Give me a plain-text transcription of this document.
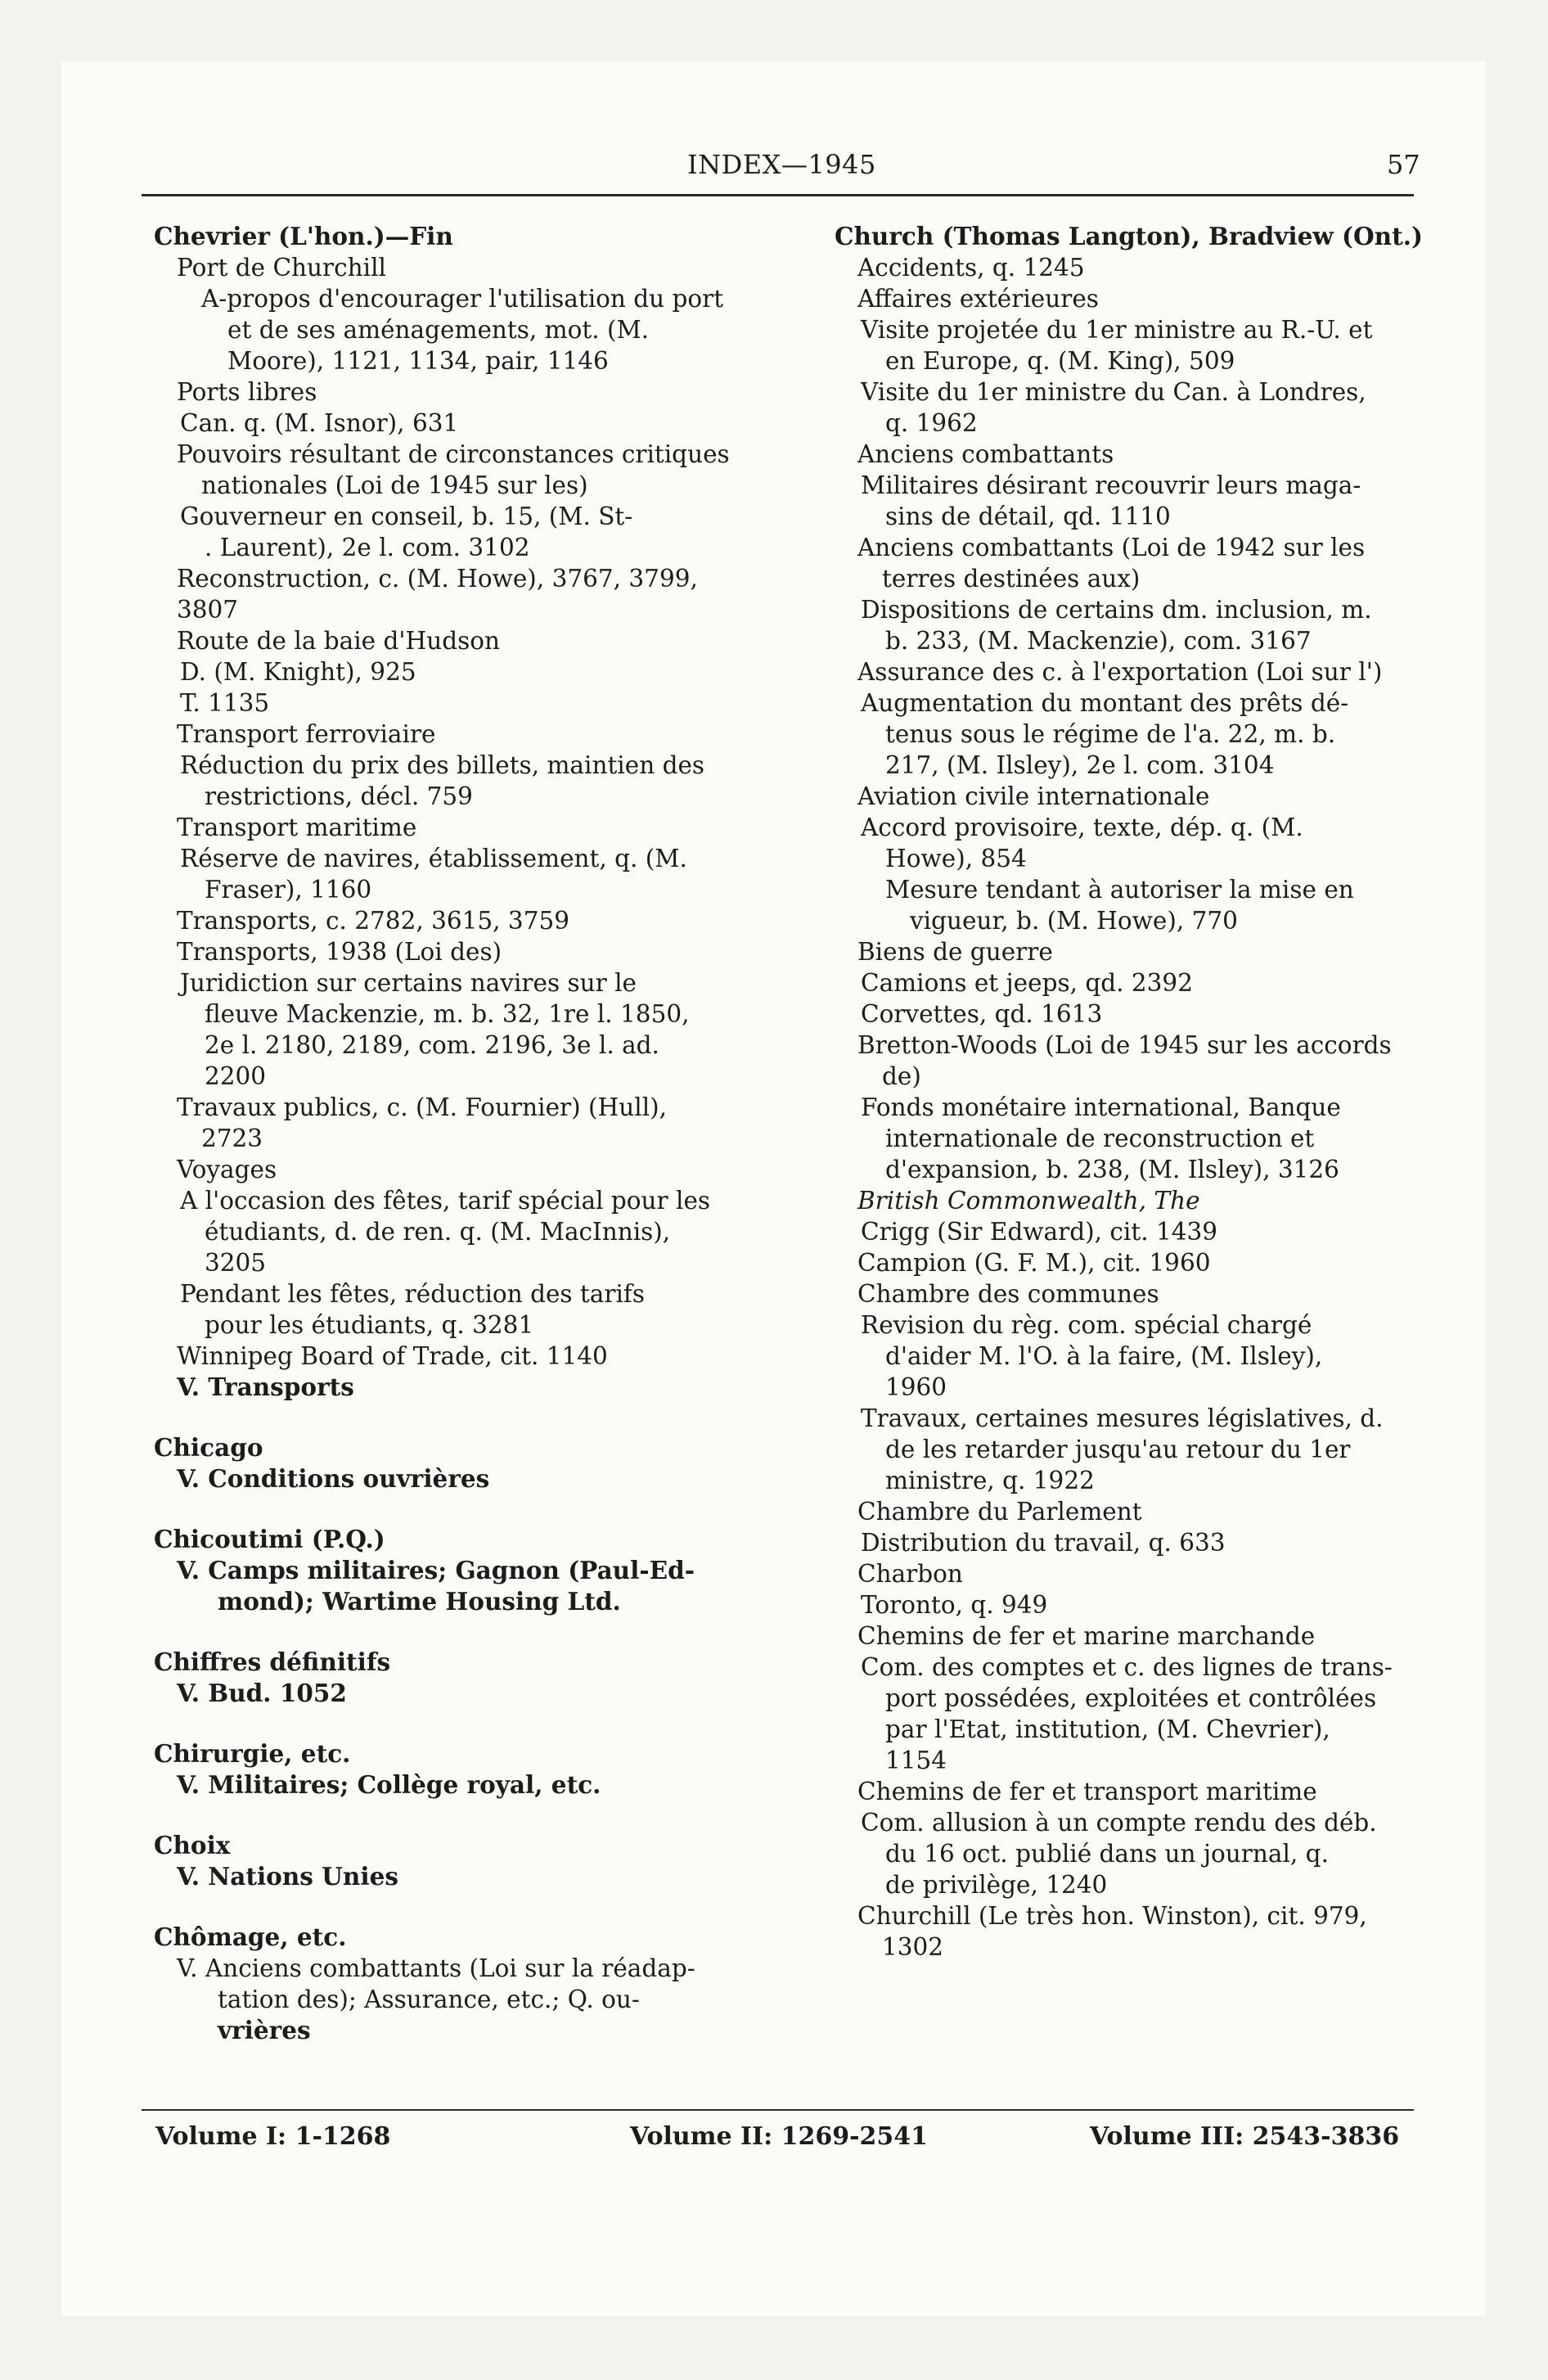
INDEX—1945	57
Chevrier (L'hon.)—Fin
Port de Churchill
A-propos d'encourager l'utilisation du port
et de ses aménagements, mot. (M.
Moore), 1121, 1134, pair, 1146
Ports libres
Can. q. (M. Isnor), 631
Pouvoirs résultant de circonstances critiques
nationales (Loi de 1945 sur les)
Gouverneur en conseil, b. 15, (M. St-
. Laurent), 2e l. com. 3102
Reconstruction, c. (M. Howe), 3767, 3799,
3807
Route de la baie d'Hudson
D. (M. Knight), 925
T. 1135
Transport ferroviaire
Réduction du prix des billets, maintien des
restrictions, décl. 759
Transport maritime
Réserve de navires, établissement, q. (M.
Fraser), 1160
Transports, c. 2782, 3615, 3759
Transports, 1938 (Loi des)
Juridiction sur certains navires sur le
fleuve Mackenzie, m. b. 32, 1re l. 1850,
2e l. 2180, 2189, com. 2196, 3e l. ad.
2200
Travaux publics, c. (M. Fournier) (Hull),
2723
Voyages
A l'occasion des fêtes, tarif spécial pour les
étudiants, d. de ren. q. (M. MacInnis),
3205
Pendant les fêtes, réduction des tarifs
pour les étudiants, q. 3281
Winnipeg Board of Trade, cit. 1140
V. Transports
Chicago
V. Conditions ouvrières
Chicoutimi (P.Q.)
V. Camps militaires; Gagnon (Paul-Ed-
mond); Wartime Housing Ltd.
Chiffres définitifs
V. Bud. 1052
Chirurgie, etc.
V. Militaires; Collège royal, etc.
Choix
V. Nations Unies
Chômage, etc.
V. Anciens combattants (Loi sur la réadap-
tation des); Assurance, etc.; Q. ou-
vrières
Church (Thomas Langton), Bradview (Ont.)
Accidents, q. 1245
Affaires extérieures
Visite projetée du 1er ministre au R.-U. et
en Europe, q. (M. King), 509
Visite du 1er ministre du Can. à Londres,
q. 1962
Anciens combattants
Militaires désirant recouvrir leurs maga-
sins de détail, qd. 1110
Anciens combattants (Loi de 1942 sur les
terres destinées aux)
Dispositions de certains dm. inclusion, m.
b. 233, (M. Mackenzie), com. 3167
Assurance des c. à l'exportation (Loi sur l')
Augmentation du montant des prêts dé-
tenus sous le régime de l'a. 22, m. b.
217, (M. Ilsley), 2e l. com. 3104
Aviation civile internationale
Accord provisoire, texte, dép. q. (M.
Howe), 854
Mesure tendant à autoriser la mise en
vigueur, b. (M. Howe), 770
Biens de guerre
Camions et jeeps, qd. 2392
Corvettes, qd. 1613
Bretton-Woods (Loi de 1945 sur les accords
de)
Fonds monétaire international, Banque
internationale de reconstruction et
d'expansion, b. 238, (M. Ilsley), 3126
British Commonwealth, The
Crigg (Sir Edward), cit. 1439
Campion (G. F. M.), cit. 1960
Chambre des communes
Revision du règ. com. spécial chargé
d'aider M. l'O. à la faire, (M. Ilsley),
1960
Travaux, certaines mesures législatives, d.
de les retarder jusqu'au retour du 1er
ministre, q. 1922
Chambre du Parlement
Distribution du travail, q. 633
Charbon
Toronto, q. 949
Chemins de fer et marine marchande
Com. des comptes et c. des lignes de trans-
port possédées, exploitées et contrôlées
par l'Etat, institution, (M. Chevrier),
1154
Chemins de fer et transport maritime
Com. allusion à un compte rendu des déb.
du 16 oct. publié dans un journal, q.
de privilège, 1240
Churchill (Le très hon. Winston), cit. 979,
1302
Volume I: 1-1268	Volume II: 1269-2541	Volume III: 2543-3836
